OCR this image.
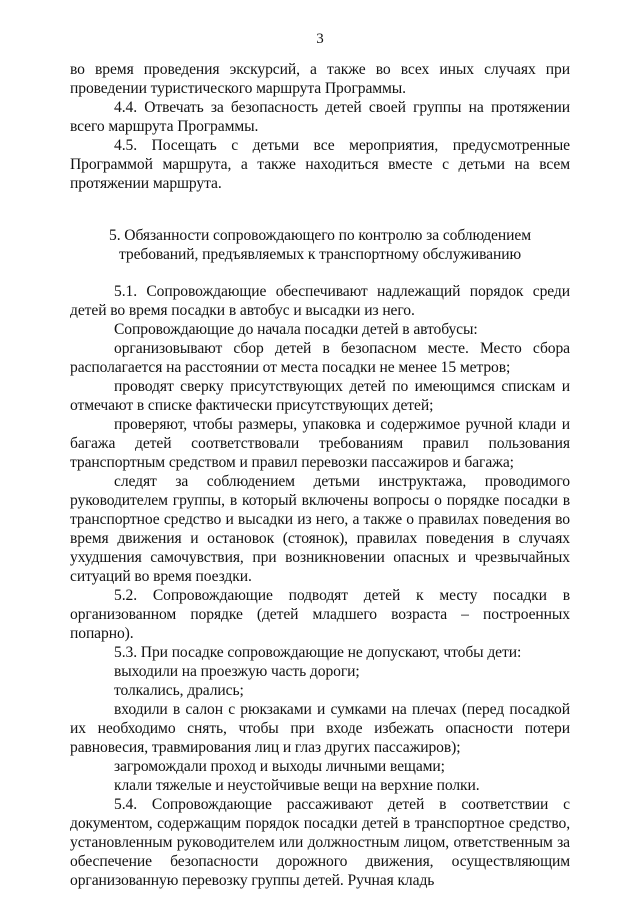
3

во время проведения экскурсий, а также во всех иных случаях при проведении туристического маршрута Программы.

4.4. Отвечать за безопасность детей своей группы на протяжении всего маршрута Программы.

4.5. Посещать с детьми все мероприятия, предусмотренные Программой маршрута, а также находиться вместе с детьми на всем протяжении маршрута.

5. Обязанности сопровождающего по контролю за соблюдением требований, предъявляемых к транспортному обслуживанию

5.1. Сопровождающие обеспечивают надлежащий порядок среди детей во время посадки в автобус и высадки из него.

Сопровождающие до начала посадки детей в автобусы:

организовывают сбор детей в безопасном месте. Место сбора располагается на расстоянии от места посадки не менее 15 метров;

проводят сверку присутствующих детей по имеющимся спискам и отмечают в списке фактически присутствующих детей;

проверяют, чтобы размеры, упаковка и содержимое ручной клади и багажа детей соответствовали требованиям правил пользования транспортным средством и правил перевозки пассажиров и багажа;

следят за соблюдением детьми инструктажа, проводимого руководителем группы, в который включены вопросы о порядке посадки в транспортное средство и высадки из него, а также о правилах поведения во время движения и остановок (стоянок), правилах поведения в случаях ухудшения самочувствия, при возникновении опасных и чрезвычайных ситуаций во время поездки.

5.2. Сопровождающие подводят детей к месту посадки в организованном порядке (детей младшего возраста – построенных попарно).

5.3. При посадке сопровождающие не допускают, чтобы дети:

выходили на проезжую часть дороги;

толкались, дрались;

входили в салон с рюкзаками и сумками на плечах (перед посадкой их необходимо снять, чтобы при входе избежать опасности потери равновесия, травмирования лиц и глаз других пассажиров);

загромождали проход и выходы личными вещами;

клали тяжелые и неустойчивые вещи на верхние полки.

5.4. Сопровождающие рассаживают детей в соответствии с документом, содержащим порядок посадки детей в транспортное средство, установленным руководителем или должностным лицом, ответственным за обеспечение безопасности дорожного движения, осуществляющим организованную перевозку группы детей. Ручная кладь
